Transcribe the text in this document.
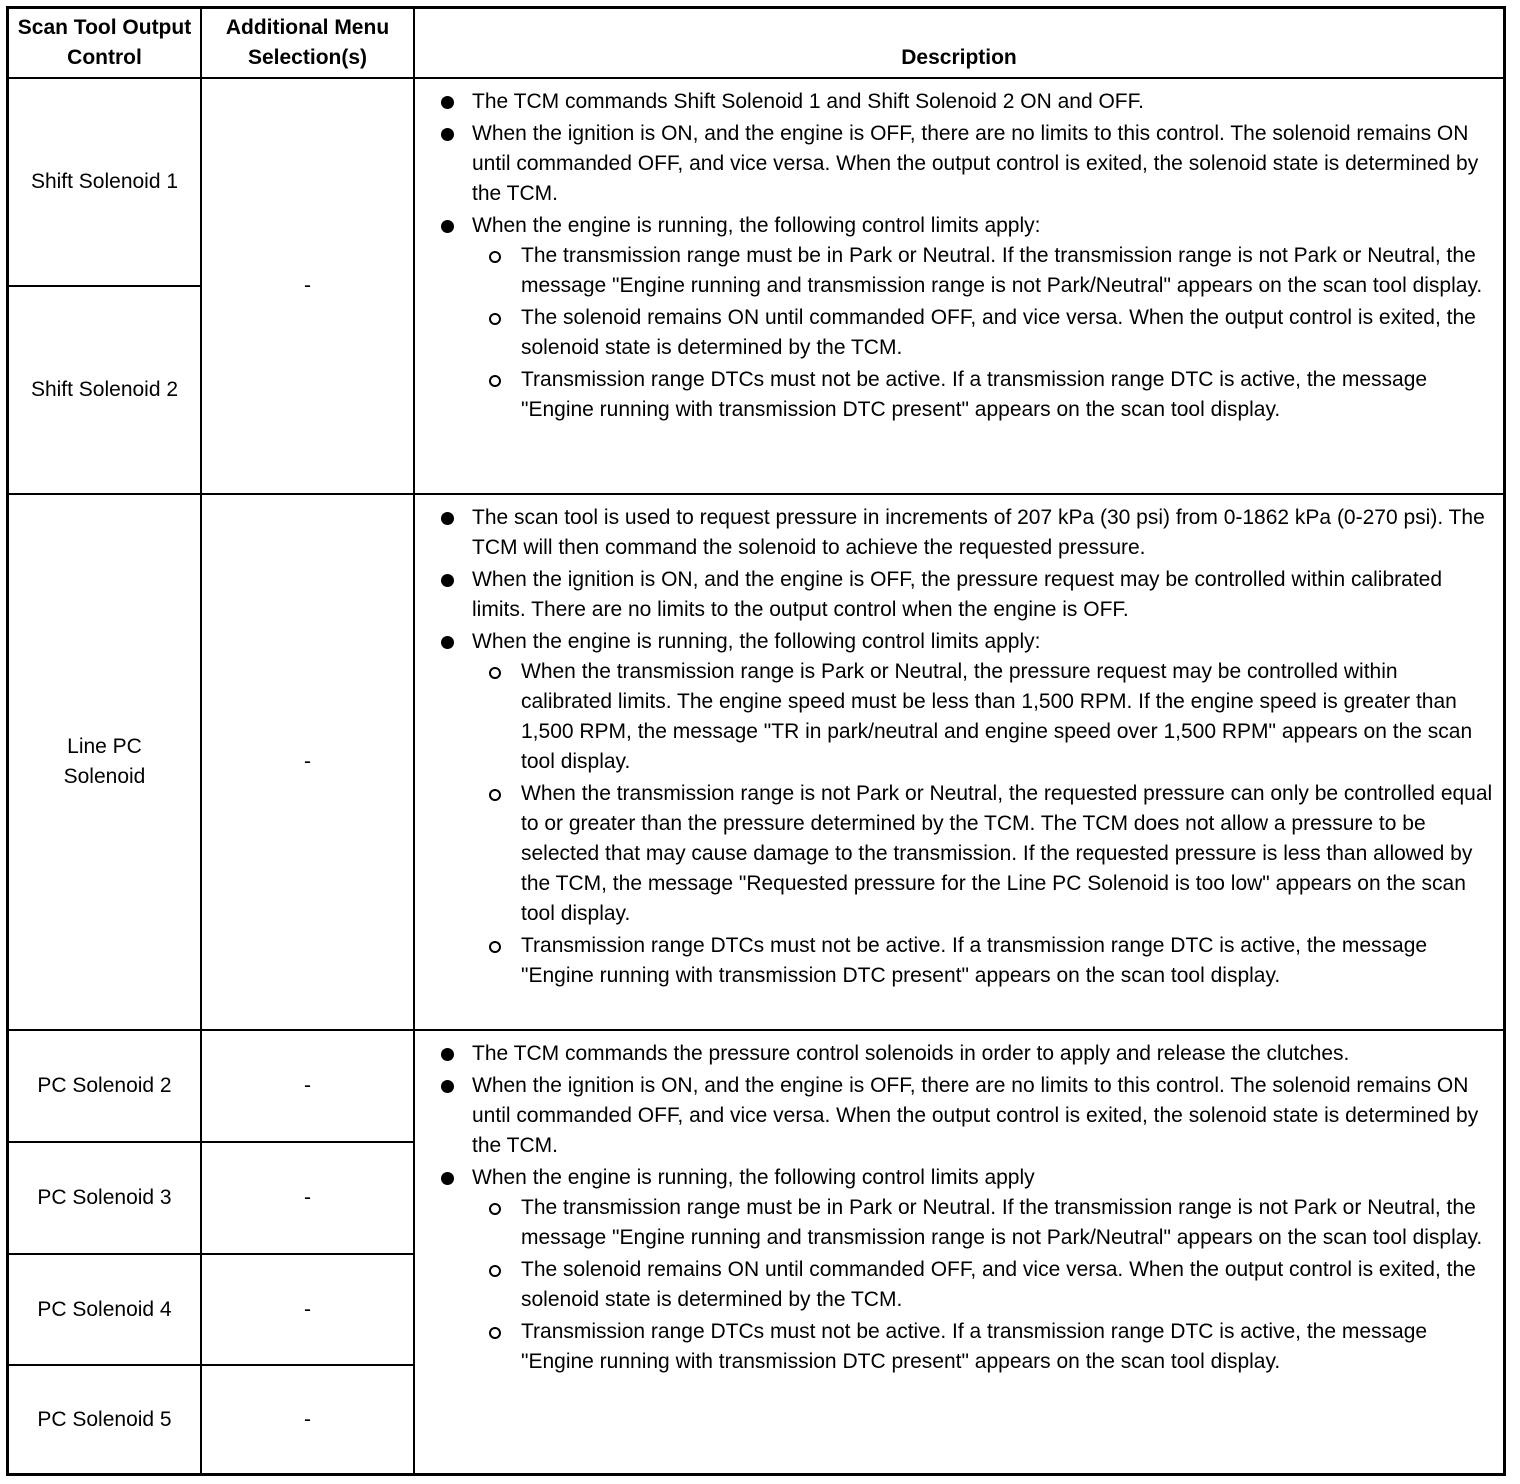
Scan Tool Output Control
Additional Menu Selection(s)	Description
Shift Solenoid 1
Shift Solenoid 2
-
The TCM commands Shift Solenoid 1 and Shift Solenoid 2 ON and OFF.
When the ignition is ON, and the engine is OFF, there are no limits to this control. The solenoid remains ON until commanded OFF, and vice versa. When the output control is exited, the solenoid state is determined by the TCM.
When the engine is running, the following control limits apply:
The transmission range must be in Park or Neutral. If the transmission range is not Park or Neutral, the message "Engine running and transmission range is not Park/Neutral" appears on the scan tool display.
The solenoid remains ON until commanded OFF, and vice versa. When the output control is exited, the solenoid state is determined by the TCM.
Transmission range DTCs must not be active. If a transmission range DTC is active, the message "Engine running with transmission DTC present" appears on the scan tool display.
Line PC Solenoid
-
The scan tool is used to request pressure in increments of 207 kPa (30 psi) from 0-1862 kPa (0-270 psi). The TCM will then command the solenoid to achieve the requested pressure.
When the ignition is ON, and the engine is OFF, the pressure request may be controlled within calibrated limits. There are no limits to the output control when the engine is OFF.
When the engine is running, the following control limits apply:
When the transmission range is Park or Neutral, the pressure request may be controlled within calibrated limits. The engine speed must be less than 1,500 RPM. If the engine speed is greater than 1,500 RPM, the message "TR in park/neutral and engine speed over 1,500 RPM" appears on the scan tool display.
When the transmission range is not Park or Neutral, the requested pressure can only be controlled equal to or greater than the pressure determined by the TCM. The TCM does not allow a pressure to be selected that may cause damage to the transmission. If the requested pressure is less than allowed by the TCM, the message "Requested pressure for the Line PC Solenoid is too low" appears on the scan tool display.
Transmission range DTCs must not be active. If a transmission range DTC is active, the message "Engine running with transmission DTC present" appears on the scan tool display.
PC Solenoid 2
PC Solenoid 3
PC Solenoid 4
PC Solenoid 5
-
-
-
-
The TCM commands the pressure control solenoids in order to apply and release the clutches.
When the ignition is ON, and the engine is OFF, there are no limits to this control. The solenoid remains ON until commanded OFF, and vice versa. When the output control is exited, the solenoid state is determined by the TCM.
When the engine is running, the following control limits apply
The transmission range must be in Park or Neutral. If the transmission range is not Park or Neutral, the message "Engine running and transmission range is not Park/Neutral" appears on the scan tool display.
The solenoid remains ON until commanded OFF, and vice versa. When the output control is exited, the solenoid state is determined by the TCM.
Transmission range DTCs must not be active. If a transmission range DTC is active, the message "Engine running with transmission DTC present" appears on the scan tool display.
